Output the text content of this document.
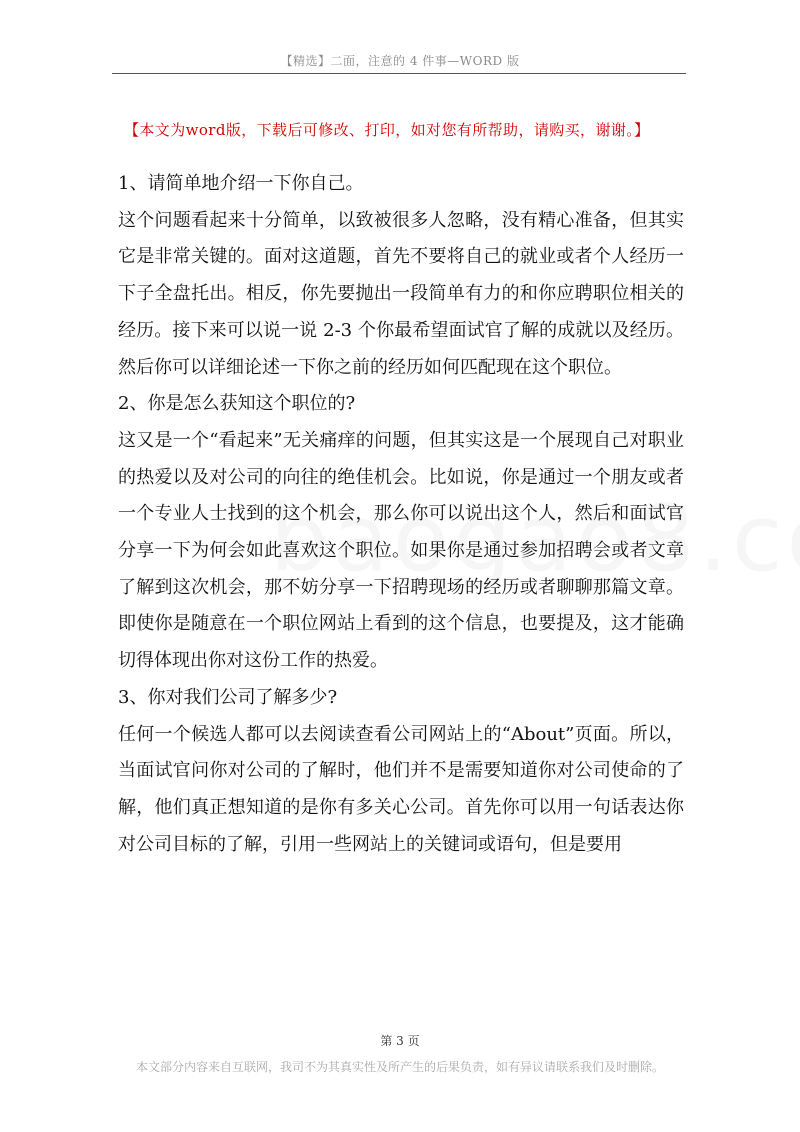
【精选】二面，注意的 4 件事—WORD 版
【本文为word版，下载后可修改、打印，如对您有所帮助，请购买，谢谢。】

1、请简单地介绍一下你自己。

这个问题看起来十分简单，以致被很多人忽略，没有精心准备，但其实它是非常关键的。面对这道题，首先不要将自己的就业或者个人经历一下子全盘托出。相反，你先要抛出一段简单有力的和你应聘职位相关的经历。接下来可以说一说 2-3 个你最希望面试官了解的成就以及经历。然后你可以详细论述一下你之前的经历如何匹配现在这个职位。

2、你是怎么获知这个职位的?

这又是一个“看起来”无关痛痒的问题，但其实这是一个展现自己对职业的热爱以及对公司的向往的绝佳机会。比如说，你是通过一个朋友或者一个专业人士找到的这个机会，那么你可以说出这个人，然后和面试官分享一下为何会如此喜欢这个职位。如果你是通过参加招聘会或者文章了解到这次机会，那不妨分享一下招聘现场的经历或者聊聊那篇文章。即使你是随意在一个职位网站上看到的这个信息，也要提及，这才能确切得体现出你对这份工作的热爱。

3、你对我们公司了解多少?

任何一个候选人都可以去阅读查看公司网站上的“About”页面。所以，当面试官问你对公司的了解时，他们并不是需要知道你对公司使命的了解，他们真正想知道的是你有多关心公司。首先你可以用一句话表达你对公司目标的了解，引用一些网站上的关键词或语句，但是要用

第 3 页
本文部分内容来自互联网，我司不为其真实性及所产生的后果负责，如有异议请联系我们及时删除。
